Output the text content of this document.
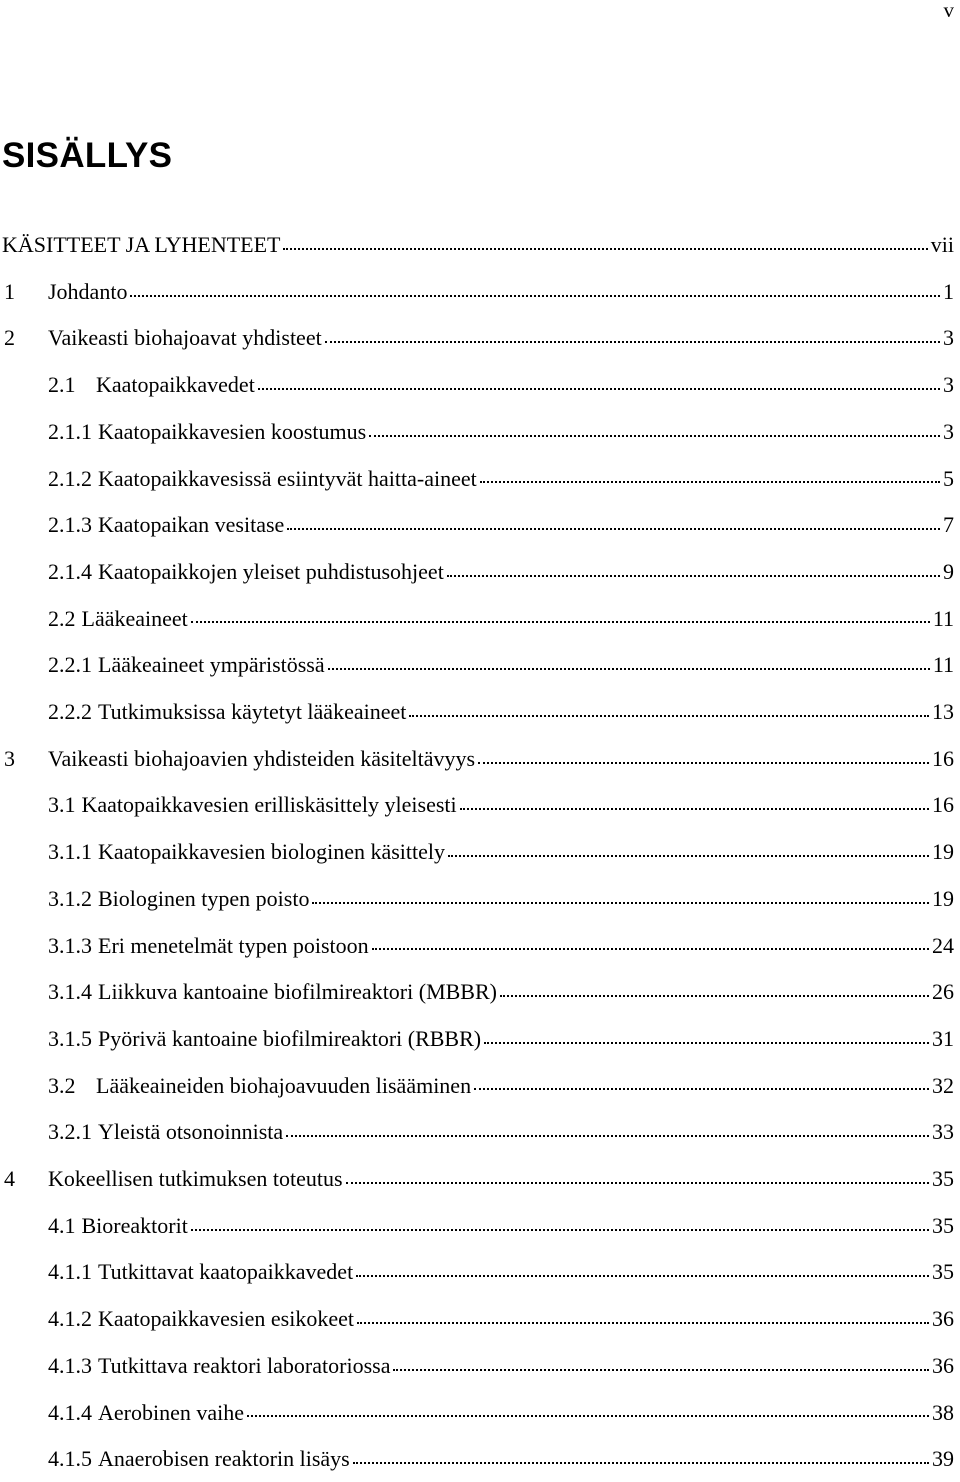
v
SISÄLLYS
KÄSITTEET JA LYHENTEET	vii
1	Johdanto	1
2	Vaikeasti biohajoavat yhdisteet	3
2.1 Kaatopaikkavedet	3
2.1.1 Kaatopaikkavesien koostumus	3
2.1.2 Kaatopaikkavesissä esiintyvät haitta-aineet	5
2.1.3 Kaatopaikan vesitase	7
2.1.4 Kaatopaikkojen yleiset puhdistusohjeet	9
2.2 Lääkeaineet	11
2.2.1 Lääkeaineet ympäristössä	11
2.2.2 Tutkimuksissa käytetyt lääkeaineet	13
3	Vaikeasti biohajoavien yhdisteiden käsiteltävyys	16
3.1 Kaatopaikkavesien erilliskäsittely yleisesti	16
3.1.1 Kaatopaikkavesien biologinen käsittely	19
3.1.2 Biologinen typen poisto	19
3.1.3 Eri menetelmät typen poistoon	24
3.1.4 Liikkuva kantoaine biofilmireaktori (MBBR)	26
3.1.5 Pyörivä kantoaine biofilmireaktori (RBBR)	31
3.2 Lääkeaineiden biohajoavuuden lisääminen	32
3.2.1 Yleistä otsonoinnista	33
4	Kokeellisen tutkimuksen toteutus	35
4.1 Bioreaktorit	35
4.1.1 Tutkittavat kaatopaikkavedet	35
4.1.2 Kaatopaikkavesien esikokeet	36
4.1.3 Tutkittava reaktori laboratoriossa	36
4.1.4 Aerobinen vaihe	38
4.1.5 Anaerobisen reaktorin lisäys	39
